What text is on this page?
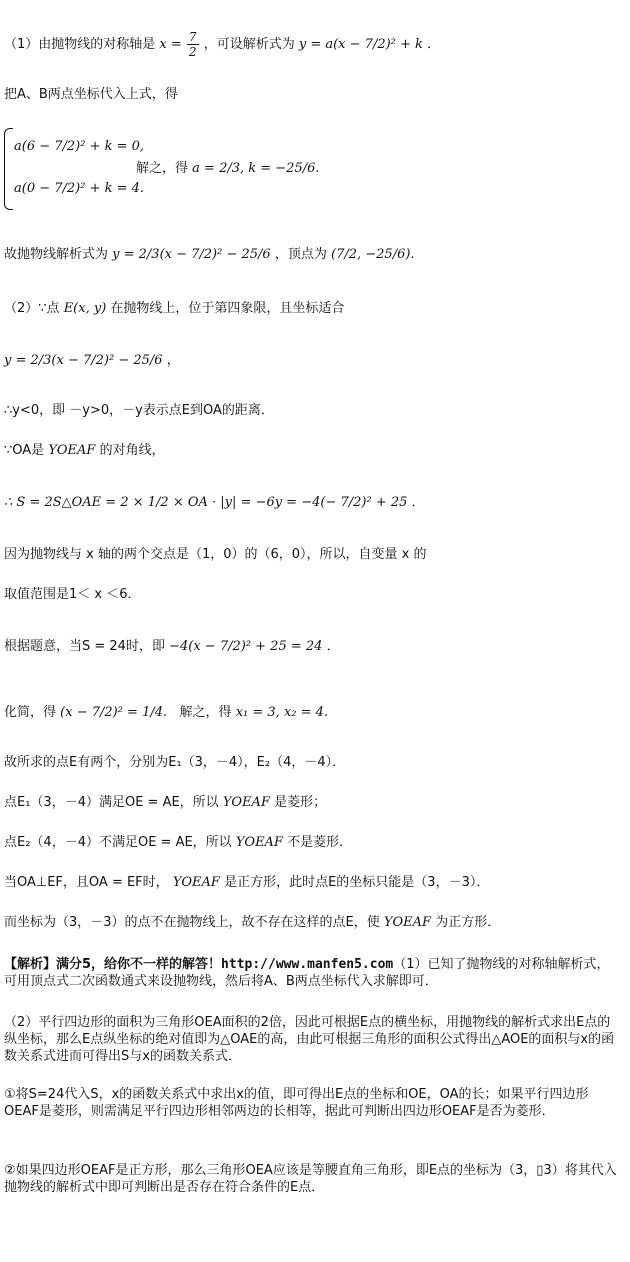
（1）由抛物线的对称轴是 $x = \frac{7}{2}$ ，可设解析式为 y = a(x − 7/2)² + k ．
把A、B两点坐标代入上式，得
a(6 − 7/2)² + k = 0,
a(0 − 7/2)² + k = 4.
解之，得 a = 2/3, k = −25/6.
故抛物线解析式为 y = 2/3(x − 7/2)² − 25/6 ，顶点为 (7/2, −25/6).
（2）∵点 E(x, y) 在抛物线上，位于第四象限，且坐标适合
y = 2/3(x − 7/2)² − 25/6 ，
∴y<0，即 －y>0，－y表示点E到OA的距离．
∵OA是 YOEAF 的对角线，
∴ S = 2S△OAE = 2 × 1/2 × OA · |y| = −6y = −4(− 7/2)² + 25 ．
因为抛物线与 x 轴的两个交点是（1，0）的（6，0），所以，自变量 x 的
取值范围是1＜ x ＜6．
根据题意，当S = 24时，即 −4(x − 7/2)² + 25 = 24 ．
化简，得 (x − 7/2)² = 1/4. 解之，得 x₁ = 3, x₂ = 4.
故所求的点E有两个，分别为E₁（3，－4），E₂（4，－4）．
点E₁（3，－4）满足OE = AE，所以 YOEAF 是菱形；
点E₂（4，－4）不满足OE = AE，所以 YOEAF 不是菱形．
当OA⊥EF，且OA = EF时， YOEAF 是正方形，此时点E的坐标只能是（3，－3）．
而坐标为（3，－3）的点不在抛物线上，故不存在这样的点E，使 YOEAF 为正方形．
【解析】满分5，给你不一样的解答！http://www.manfen5.com（1）已知了抛物线的对称轴解析式，可用顶点式二次函数通式来设抛物线，然后将A、B两点坐标代入求解即可．
（2）平行四边形的面积为三角形OEA面积的2倍，因此可根据E点的横坐标，用抛物线的解析式求出E点的纵坐标，那么E点纵坐标的绝对值即为△OAE的高，由此可根据三角形的面积公式得出△AOE的面积与x的函数关系式进而可得出S与x的函数关系式．
①将S=24代入S，x的函数关系式中求出x的值，即可得出E点的坐标和OE，OA的长；如果平行四边形OEAF是菱形，则需满足平行四边形相邻两边的长相等，据此可判断出四边形OEAF是否为菱形．
②如果四边形OEAF是正方形，那么三角形OEA应该是等腰直角三角形，即E点的坐标为（3，▯3）将其代入抛物线的解析式中即可判断出是否存在符合条件的E点．
